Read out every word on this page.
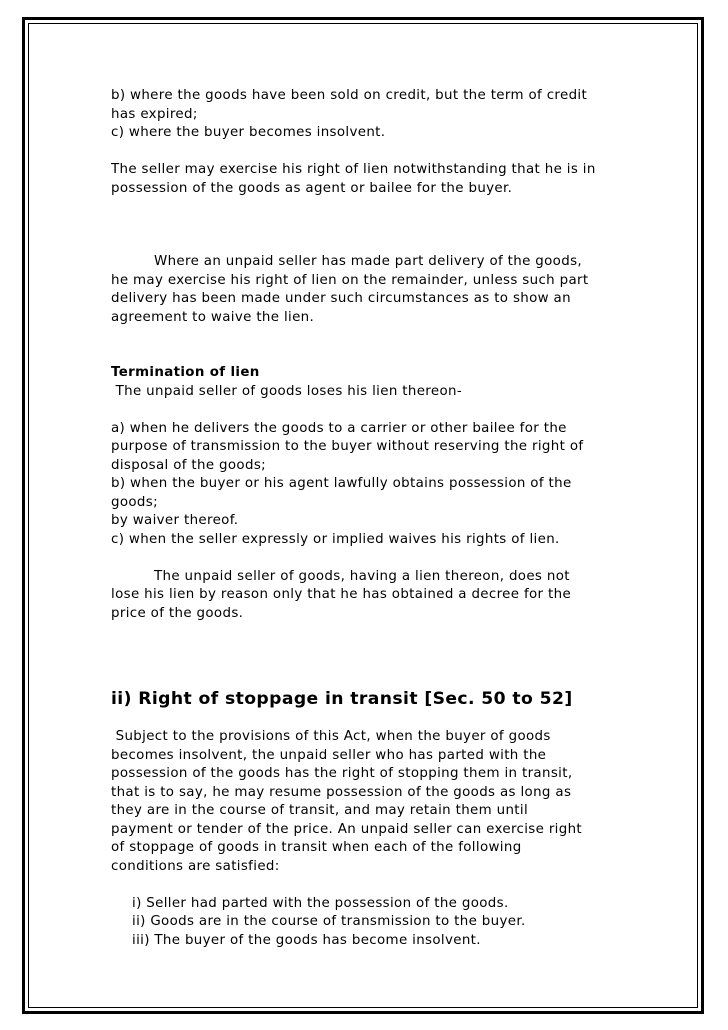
b) where the goods have been sold on credit, but the term of credit
has expired;
c) where the buyer becomes insolvent.
The seller may exercise his right of lien notwithstanding that he is in
possession of the goods as agent or bailee for the buyer.
Where an unpaid seller has made part delivery of the goods,
he may exercise his right of lien on the remainder, unless such part
delivery has been made under such circumstances as to show an
agreement to waive the lien.
Termination of lien
The unpaid seller of goods loses his lien thereon-
a) when he delivers the goods to a carrier or other bailee for the
purpose of transmission to the buyer without reserving the right of
disposal of the goods;
b) when the buyer or his agent lawfully obtains possession of the
goods;
by waiver thereof.
c) when the seller expressly or implied waives his rights of lien.
The unpaid seller of goods, having a lien thereon, does not
lose his lien by reason only that he has obtained a decree for the
price of the goods.
ii) Right of stoppage in transit [Sec. 50 to 52]
Subject to the provisions of this Act, when the buyer of goods
becomes insolvent, the unpaid seller who has parted with the
possession of the goods has the right of stopping them in transit,
that is to say, he may resume possession of the goods as long as
they are in the course of transit, and may retain them until
payment or tender of the price. An unpaid seller can exercise right
of stoppage of goods in transit when each of the following
conditions are satisfied:
i) Seller had parted with the possession of the goods.
ii) Goods are in the course of transmission to the buyer.
iii) The buyer of the goods has become insolvent.
